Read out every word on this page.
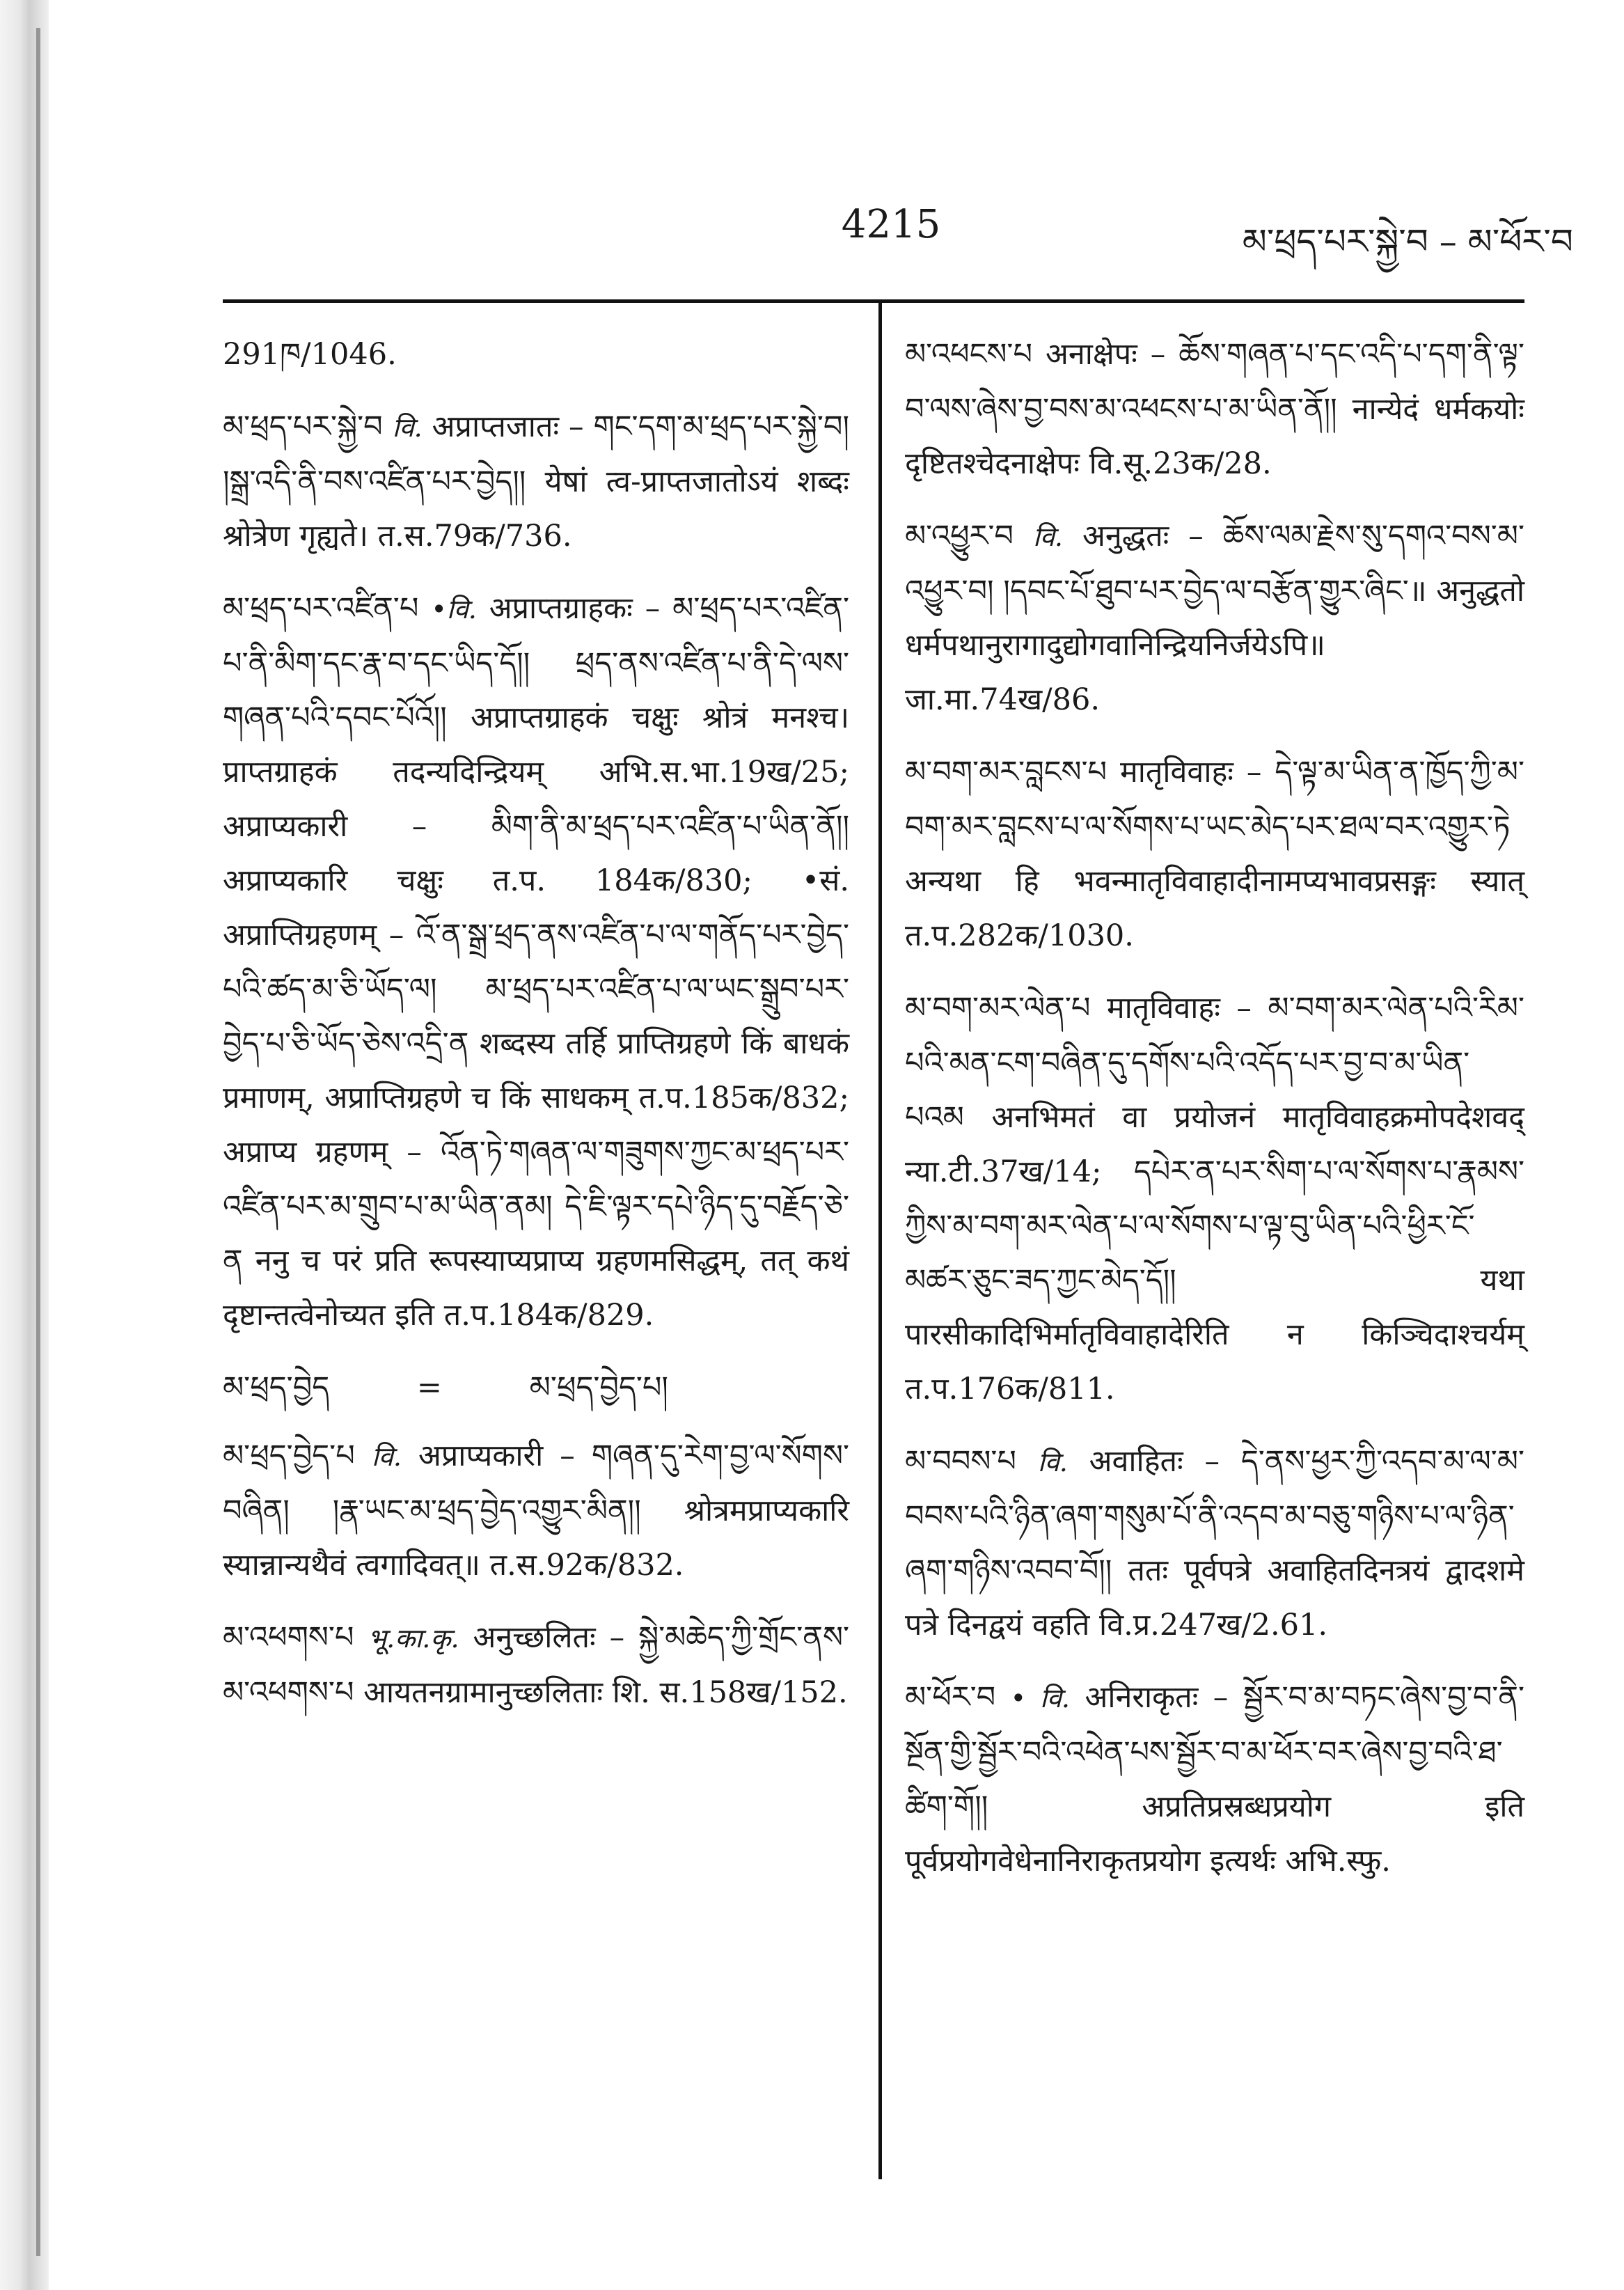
4215	མ་ཕྲད་པར་སྐྱེ་བ – མ་ཕོར་བ
291ཁ/1046.
མ་ཕྲད་པར་སྐྱེ་བ वि. अप्राप्तजातः – གང་དག་མ་ཕྲད་པར་སྐྱེ་བ། །སྒྲ་འདི་ནི་བས་འཛིན་པར་བྱེད།། येषां त्व-प्राप्तजातोऽयं शब्दः श्रोत्रेण गृह्यते। त.स.79क/736.
མ་ཕྲད་པར་འཛིན་པ •वि. अप्राप्तग्राहकः – མ་ཕྲད་པར་འཛིན་པ་ནི་མིག་དང་རྣ་བ་དང་ཡིད་དོ།། ཕྲད་ནས་འཛིན་པ་ནི་དེ་ལས་གཞན་པའི་དབང་པོའོ།། अप्राप्तग्राहकं चक्षुः श्रोत्रं मनश्च। प्राप्तग्राहकं तदन्यदिन्द्रियम् अभि.स.भा.19ख/25; अप्राप्यकारी – མིག་ནི་མ་ཕྲད་པར་འཛིན་པ་ཡིན་ནོ།། अप्राप्यकारि चक्षुः त.प. 184क/830; •सं. अप्राप्तिग्रहणम् – འོ་ན་སྒྲ་ཕྲད་ནས་འཛིན་པ་ལ་གནོད་པར་བྱེད་པའི་ཚད་མ་ཅི་ཡོད་ལ། མ་ཕྲད་པར་འཛིན་པ་ལ་ཡང་སྒྲུབ་པར་བྱེད་པ་ཅི་ཡོད་ཅེས་འདྲི་ན शब्दस्य तर्हि प्राप्तिग्रहणे किं बाधकं प्रमाणम्, अप्राप्तिग्रहणे च किं साधकम् त.प.185क/832; अप्राप्य ग्रहणम् – འོན་ཏེ་གཞན་ལ་གཟུགས་ཀྱང་མ་ཕྲད་པར་འཛིན་པར་མ་གྲུབ་པ་མ་ཡིན་ནམ། དེ་ཇི་ལྟར་དཔེ་ཉིད་དུ་བརྗོད་ཅེ་ན ननु च परं प्रति रूपस्याप्यप्राप्य ग्रहणमसिद्धम्, तत् कथं दृष्टान्तत्वेनोच्यत इति त.प.184क/829.
མ་ཕྲད་བྱེད	=	མ་ཕྲད་བྱེད་པ།
མ་ཕྲད་བྱེད་པ वि. अप्राप्यकारी – གཞན་དུ་རེག་བྱ་ལ་སོགས་བཞིན། །རྣ་ཡང་མ་ཕྲད་བྱེད་འགྱུར་མིན།། श्रोत्रमप्राप्यकारि स्यान्नान्यथैवं त्वगादिवत्॥ त.स.92क/832.
མ་འཕགས་པ भू.का.कृ. अनुच्छलितः – སྐྱེ་མཆེད་ཀྱི་གྲོང་ནས་མ་འཕགས་པ आयतनग्रामानुच्छलिताः शि. स.158ख/152.
མ་འཕངས་པ अनाक्षेपः – ཆོས་གཞན་པ་དང་འདི་པ་དག་ནི་ལྟ་བ་ལས་ཞེས་བྱ་བས་མ་འཕངས་པ་མ་ཡིན་ནོ།། नान्येदं धर्मकयोः दृष्टितश्चेदनाक्षेपः वि.सू.23क/28.
མ་འཕྱུར་བ वि. अनुद्धतः – ཆོས་ལམ་རྗེས་སུ་དགའ་བས་མ་འཕྱུར་བ། །དབང་པོ་ཐུབ་པར་བྱེད་ལ་བརྩོན་གྱུར་ཞིང་॥ अनुद्धतो धर्मपथानुरागादुद्योगवानिन्द्रियनिर्जयेऽपि॥ जा.मा.74ख/86.
མ་བག་མར་བླངས་པ मातृविवाहः – དེ་ལྟ་མ་ཡིན་ན་ཁྱོད་ཀྱི་མ་བག་མར་བླངས་པ་ལ་སོགས་པ་ཡང་མེད་པར་ཐལ་བར་འགྱུར་ཏེ अन्यथा हि भवन्मातृविवाहादीनामप्यभावप्रसङ्गः स्यात् त.प.282क/1030.
མ་བག་མར་ལེན་པ मातृविवाहः – མ་བག་མར་ལེན་པའི་རིམ་པའི་མན་ངག་བཞིན་དུ་དགོས་པའི་འདོད་པར་བྱ་བ་མ་ཡིན་པའམ अनभिमतं वा प्रयोजनं मातृविवाहक्रमोपदेशवद् न्या.टी.37ख/14; དཔེར་ན་པར་སིག་པ་ལ་སོགས་པ་རྣམས་ཀྱིས་མ་བག་མར་ལེན་པ་ལ་སོགས་པ་ལྟ་བུ་ཡིན་པའི་ཕྱིར་ངོ་མཚར་ཅུང་ཟད་ཀྱང་མེད་དོ།། यथा पारसीकादिभिर्मातृविवाहादेरिति न किञ्चिदाश्चर्यम् त.प.176क/811.
མ་བབས་པ वि. अवाहितः – དེ་ནས་ཕྱར་ཀྱི་འདབ་མ་ལ་མ་བབས་པའི་ཉིན་ཞག་གསུམ་པོ་ནི་འདབ་མ་བཅུ་གཉིས་པ་ལ་ཉིན་ཞག་གཉིས་འབབ་བོ།། ततः पूर्वपत्रे अवाहितदिनत्रयं द्वादशमे पत्रे दिनद्वयं वहति वि.प्र.247ख/2.61.
མ་ཕོར་བ • वि. अनिराकृतः – སྦྱོར་བ་མ་བཏང་ཞེས་བྱ་བ་ནི་སྔོན་གྱི་སྦྱོར་བའི་འཕེན་པས་སྦྱོར་བ་མ་ཕོར་བར་ཞེས་བྱ་བའི་ཐ་ཚིག་གོ།། अप्रतिप्रस्रब्धप्रयोग इति पूर्वप्रयोगवेधेनानिराकृतप्रयोग इत्यर्थः अभि.स्फु.
